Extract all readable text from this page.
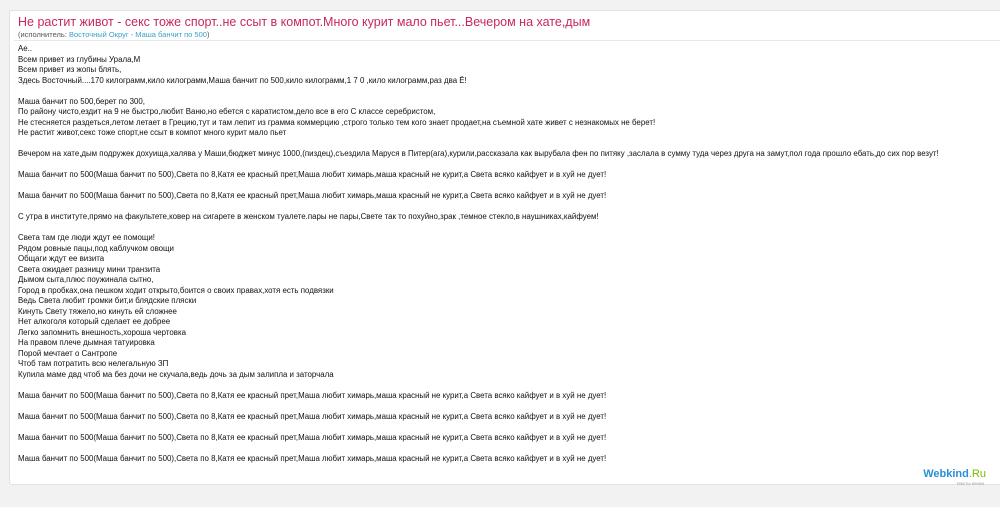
Не растит живот - секс тоже спорт..не ссыт в компот.Много курит мало пьет...Вечером на хате,дым
(исполнитель: Восточный Округ - Маша банчит по 500)
Ае..
Всем привет из глубины Урала,М
Всем привет из жопы блять,
Здесь Восточный....170 килограмм,кило килограмм,Маша банчит по 500,кило килограмм,1 7 0 ,кило килограмм,раз два Ё!
Маша банчит по 500,берет по 300,
По району чисто,ездит на 9 не быстро,любит Ваню,но ебется с каратистом,дело все в его С классе серебристом,
Не стесняется раздеться,летом летает в Грецию,тут и там лепит из грамма коммерцию ,строго только тем кого знает продает,на съемной хате живет с незнакомых не берет!
Не растит живот,секс тоже спорт,не ссыт в компот много курит мало пьет
Вечером на хате,дым подружек дохуища,халява у Маши,бюджет минус 1000,(пиздец),съездила Маруся в Питер(ага),курили,рассказала как вырубала фен по питяку ,заслала в сумму туда через друга на замут,пол года прошло ебать,до сих пор везут!
Маша банчит по 500(Маша банчит по 500),Света по 8,Катя ее красный прет,Маша любит химарь,маша красный не курит,а Света всяко кайфует и в хуй не дует!
Маша банчит по 500(Маша банчит по 500),Света по 8,Катя ее красный прет,Маша любит химарь,маша красный не курит,а Света всяко кайфует и в хуй не дует!
С утра в институте,прямо на факультете,ковер на сигарете в женском туалете.пары не пары,Свете так то похуйно,зрак ,темное стекло,в наушниках,кайфуем!
Света там где люди ждут ее помощи!
Рядом ровные пацы,под каблучком овощи
Общаги ждут ее визита
Света ожидает разницу мини транзита
Дымом сыта,плюс поужинала сытно,
Город в пробках,она пешком ходит открыто,боится о своих правах,хотя есть подвязки
Ведь Света любит громки бит,и блядские пляски
Кинуть Свету тяжело,но кинуть ей сложнее
Нет алкоголя который сделает ее добрее
Легко запомнить внешность,хороша чертовка
На правом плече дымная татуировка
Порой мечтает о Сантропе
Чтоб там потратить всю нелегальную ЗП
Купила маме двд чтоб ма без дочи не скучала,ведь дочь за дым залипла и заторчала
Маша банчит по 500(Маша банчит по 500),Света по 8,Катя ее красный прет,Маша любит химарь,маша красный не курит,а Света всяко кайфует и в хуй не дует!
Маша банчит по 500(Маша банчит по 500),Света по 8,Катя ее красный прет,Маша любит химарь,маша красный не курит,а Света всяко кайфует и в хуй не дует!
Маша банчит по 500(Маша банчит по 500),Света по 8,Катя ее красный прет,Маша любит химарь,маша красный не курит,а Света всяко кайфует и в хуй не дует!
Маша банчит по 500(Маша банчит по 500),Света по 8,Катя ее красный прет,Маша любит химарь,маша красный не курит,а Света всяко кайфует и в хуй не дует!
Webkind.Ru
тексты песен
